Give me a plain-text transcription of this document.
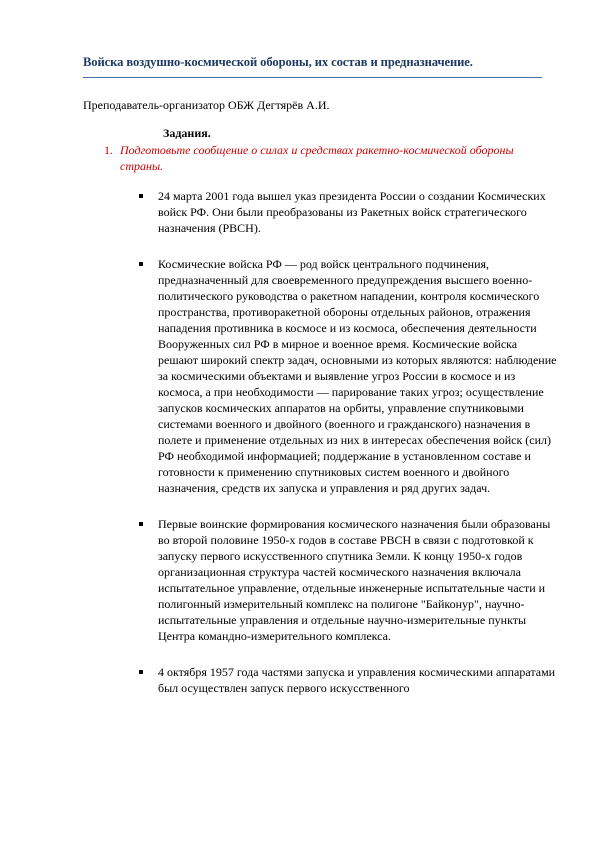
Войска воздушно-космической обороны, их состав и предназначение.
Преподаватель-организатор ОБЖ Дегтярёв А.И.
Задания.
1. Подготовьте сообщение о силах и средствах ракетно-космической обороны страны.
24 марта 2001 года вышел указ президента России о создании Космических войск РФ. Они были преобразованы из Ракетных войск стратегического назначения (РВСН).
Космические войска РФ — род войск центрального подчинения, предназначенный для своевременного предупреждения высшего военно-политического руководства о ракетном нападении, контроля космического пространства, противоракетной обороны отдельных районов, отражения нападения противника в космосе и из космоса, обеспечения деятельности Вооруженных сил РФ в мирное и военное время. Космические войска решают широкий спектр задач, основными из которых являются: наблюдение за космическими объектами и выявление угроз России в космосе и из космоса, а при необходимости — парирование таких угроз; осуществление запусков космических аппаратов на орбиты, управление спутниковыми системами военного и двойного (военного и гражданского) назначения в полете и применение отдельных из них в интересах обеспечения войск (сил) РФ необходимой информацией; поддержание в установленном составе и готовности к применению спутниковых систем военного и двойного назначения, средств их запуска и управления и ряд других задач.
Первые воинские формирования космического назначения были образованы во второй половине 1950-х годов в составе РВСН в связи с подготовкой к запуску первого искусственного спутника Земли. К концу 1950-х годов организационная структура частей космического назначения включала испытательное управление, отдельные инженерные испытательные части и полигонный измерительный комплекс на полигоне "Байконур", научно-испытательные управления и отдельные научно-измерительные пункты Центра командно-измерительного комплекса.
4 октября 1957 года частями запуска и управления космическими аппаратами был осуществлен запуск первого искусственного
